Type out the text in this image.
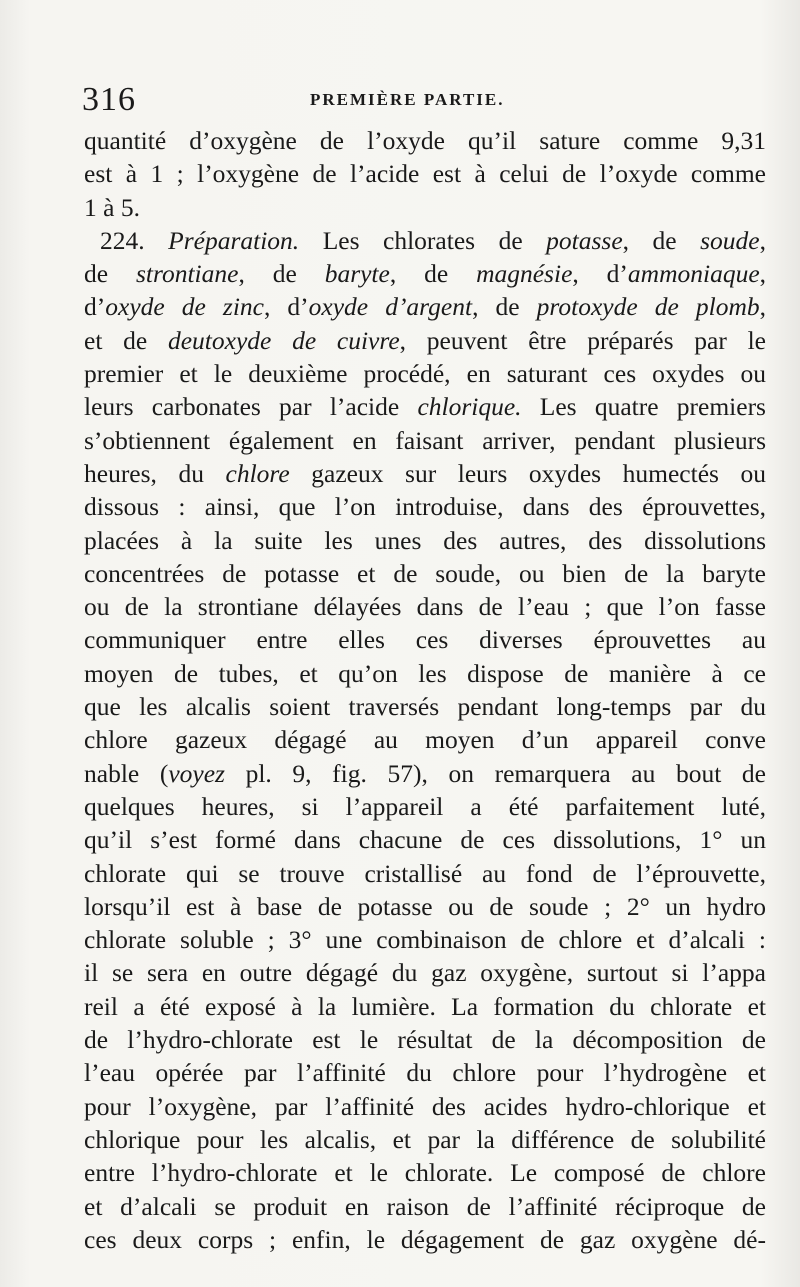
316	PREMIÈRE PARTIE.
quantité d’oxygène de l’oxyde qu’il sature comme 9,31
est à 1 ; l’oxygène de l’acide est à celui de l’oxyde comme
1 à 5.
224. Préparation. Les chlorates de potasse, de soude,
de strontiane, de baryte, de magnésie, d’ammoniaque,
d’oxyde de zinc, d’oxyde d’argent, de protoxyde de plomb,
et de deutoxyde de cuivre, peuvent être préparés par le
premier et le deuxième procédé, en saturant ces oxydes ou
leurs carbonates par l’acide chlorique. Les quatre premiers
s’obtiennent également en faisant arriver, pendant plusieurs
heures, du chlore gazeux sur leurs oxydes humectés ou
dissous : ainsi, que l’on introduise, dans des éprouvettes,
placées à la suite les unes des autres, des dissolutions
concentrées de potasse et de soude, ou bien de la baryte
ou de la strontiane délayées dans de l’eau ; que l’on fasse
communiquer entre elles ces diverses éprouvettes au
moyen de tubes, et qu’on les dispose de manière à ce
que les alcalis soient traversés pendant long-temps par du
chlore gazeux dégagé au moyen d’un appareil conve
nable (voyez pl. 9, fig. 57), on remarquera au bout de
quelques heures, si l’appareil a été parfaitement luté,
qu’il s’est formé dans chacune de ces dissolutions, 1° un
chlorate qui se trouve cristallisé au fond de l’éprouvette,
lorsqu’il est à base de potasse ou de soude ; 2° un hydro
chlorate soluble ; 3° une combinaison de chlore et d’alcali :
il se sera en outre dégagé du gaz oxygène, surtout si l’appa
reil a été exposé à la lumière. La formation du chlorate et
de l’hydro-chlorate est le résultat de la décomposition de
l’eau opérée par l’affinité du chlore pour l’hydrogène et
pour l’oxygène, par l’affinité des acides hydro-chlorique et
chlorique pour les alcalis, et par la différence de solubilité
entre l’hydro-chlorate et le chlorate. Le composé de chlore
et d’alcali se produit en raison de l’affinité réciproque de
ces deux corps ; enfin, le dégagement de gaz oxygène dé-
